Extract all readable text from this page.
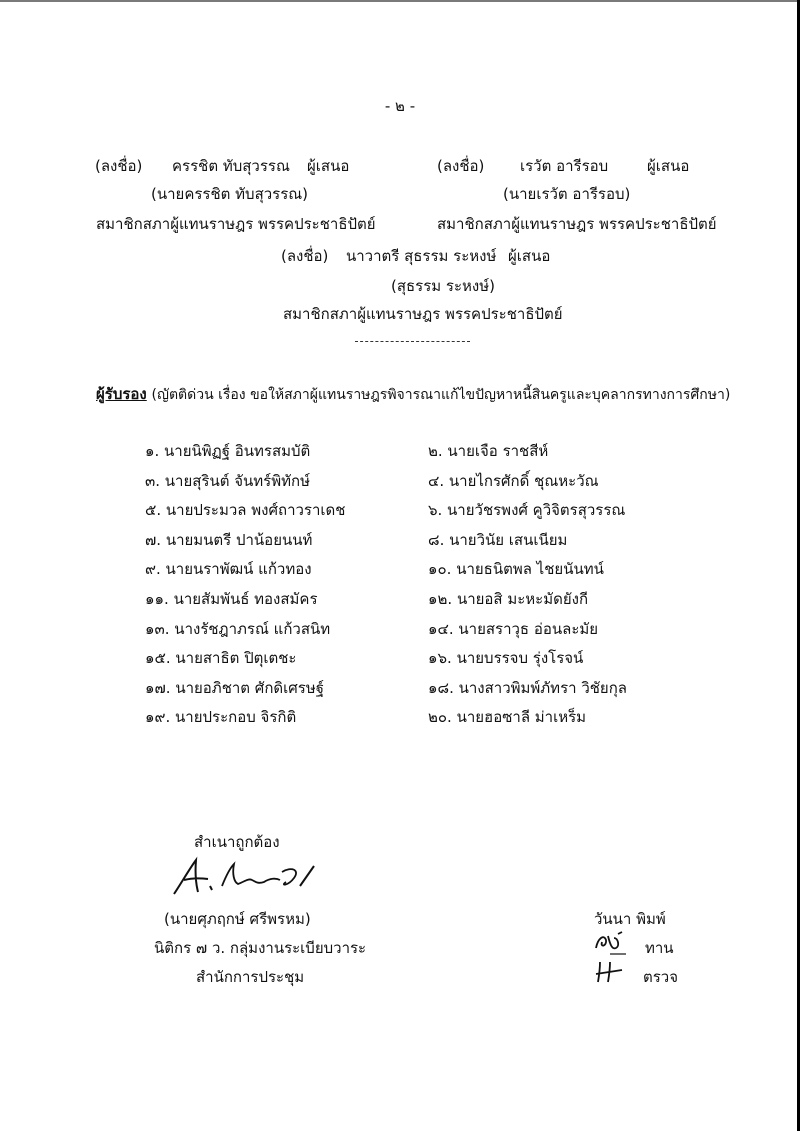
- ๒ -
(ลงชื่อ) ครรชิต ทับสุวรรณ ผู้เสนอ
(นายครรชิต ทับสุวรรณ)
สมาชิกสภาผู้แทนราษฎร พรรคประชาธิปัตย์
(ลงชื่อ) เรวัต อารีรอบ	ผู้เสนอ
(นายเรวัต อารีรอบ)
สมาชิกสภาผู้แทนราษฎร พรรคประชาธิปัตย์
(ลงชื่อ) นาวาตรี สุธรรม ระหงษ์ ผู้เสนอ
(สุธรรม ระหงษ์)
สมาชิกสภาผู้แทนราษฎร พรรคประชาธิปัตย์
ผู้รับรอง (ญัตติด่วน เรื่อง ขอให้สภาผู้แทนราษฎรพิจารณาแก้ไขปัญหาหนี้สินครูและบุคลากรทางการศึกษา)
๑. นายนิพิฏฐ์ อินทรสมบัติ
๓. นายสุรินต์ จันทร์พิทักษ์
๕. นายประมวล พงศ์ถาวราเดช
๗. นายมนตรี ปาน้อยนนท์
๙. นายนราพัฒน์ แก้วทอง
๑๑. นายสัมพันธ์ ทองสมัคร
๑๓. นางรัชฎาภรณ์ แก้วสนิท
๑๕. นายสาธิต ปิตุเตชะ
๑๗. นายอภิชาต ศักดิเศรษฐ์
๑๙. นายประกอบ จิรกิติ
๒. นายเจือ ราชสีห์
๔. นายไกรศักดิ์ ชุณหะวัณ
๖. นายวัชรพงศ์ คูวิจิตรสุวรรณ
๘. นายวินัย เสนเนียม
๑๐. นายธนิตพล ไชยนันทน์
๑๒. นายอสิ มะหะมัดยังกี
๑๔. นายสราวุธ อ่อนละมัย
๑๖. นายบรรจบ รุ่งโรจน์
๑๘. นางสาวพิมพ์ภัทรา วิชัยกุล
๒๐. นายฮอซาลี ม่าเหร็ม
สำเนาถูกต้อง
(นายศุภฤกษ์ ศรีพรหม)
นิติกร ๗ ว. กลุ่มงานระเบียบวาระ
สำนักการประชุม
วันนา พิมพ์
ทาน
ตรวจ
